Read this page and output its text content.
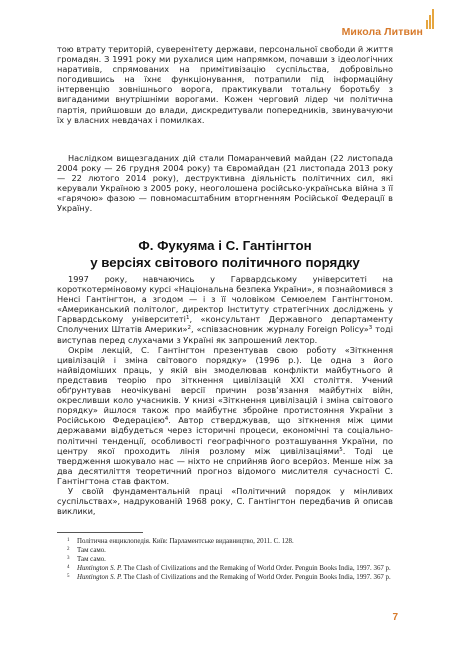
Микола Литвин

тою втрату територій, суверенітету держави, персональної свободи й життя громадян. З 1991 року ми рухалися цим напрямком, почавши з ідеологічних наративів, спрямованих на примітивізацію суспільства, добровільно погодившись на їхнє функціонування, потрапили під інформаційну інтервенцію зовнішнього ворога, практикували тотальну боротьбу з вигаданими внутрішніми ворогами. Кожен черговий лідер чи політична партія, прийшовши до влади, дискредитували попередників, звинувачуючи їх у власних невдачах і помилках.

Наслідком вищезгаданих дій стали Помаранчевий майдан (22 листопада 2004 року — 26 грудня 2004 року) та Євромайдан (21 листопада 2013 року — 22 лютого 2014 року), деструктивна діяльність політичних сил, які керували Україною з 2005 року, неоголошена російсько-українська війна з її «гарячою» фазою — повномасштабним вторгненням Російської Федерації в Україну.

Ф. Фукуяма і С. Гантінгтон
у версіях світового політичного порядку

1997 року, навчаючись у Гарвардському університеті на короткотерміновому курсі «Національна безпека України», я познайомився з Ненсі Гантінгтон, а згодом — і з її чоловіком Семюелем Гантінгтоном. «Американський політолог, директор Інституту стратегічних досліджень у Гарвардському університеті$^1$, «консультант Державного департаменту Сполучених Штатів Америки»$^2$, «співзасновник журналу Foreign Policy»$^3$ тоді виступав перед слухачами з Україні як запрошений лектор.

Окрім лекцій, С. Гантінгтон презентував свою роботу «Зіткнення цивілізацій і зміна світового порядку» (1996 р.). Це одна з його найвідоміших праць, у якій він змоделював конфлікти майбутнього й представив теорію про зіткнення цивілізацій XXI століття. Учений обґрунтував неочікувані версії причин розв’язання майбутніх війн, окресливши коло учасників. У книзі «Зіткнення цивілізацій і зміна світового порядку» йшлося також про майбутнє збройне протистояння України з Російською Федерацією$^4$. Автор стверджував, що зіткнення між цими державами відбудеться через історичні процеси, економічні та соціально-політичні тенденції, особливості географічного розташування України, по центру якої проходить лінія розлому між цивілізаціями$^5$. Тоді це твердження шокувало нас — ніхто не сприйняв його всерйоз. Менше ніж за два десятиліття теоретичний прогноз відомого мислителя сучасності С. Гантінгтона став фактом.

У своїй фундаментальній праці «Політичний порядок у мінливих суспільствах», надрукованій 1968 року, С. Гантінгтон передбачив й описав виклики,

1 Політична енциклопедія. Київ: Парламентське видавництво, 2011. С. 128.

2 Там само.

3 Там само.

4 Huntington S. P. The Clash of Civilizations and the Remaking of World Order. Penguin Books India, 1997. 367 p.

5 Huntington S. P. The Clash of Civilizations and the Remaking of World Order. Penguin Books India, 1997. 367 p.

7
